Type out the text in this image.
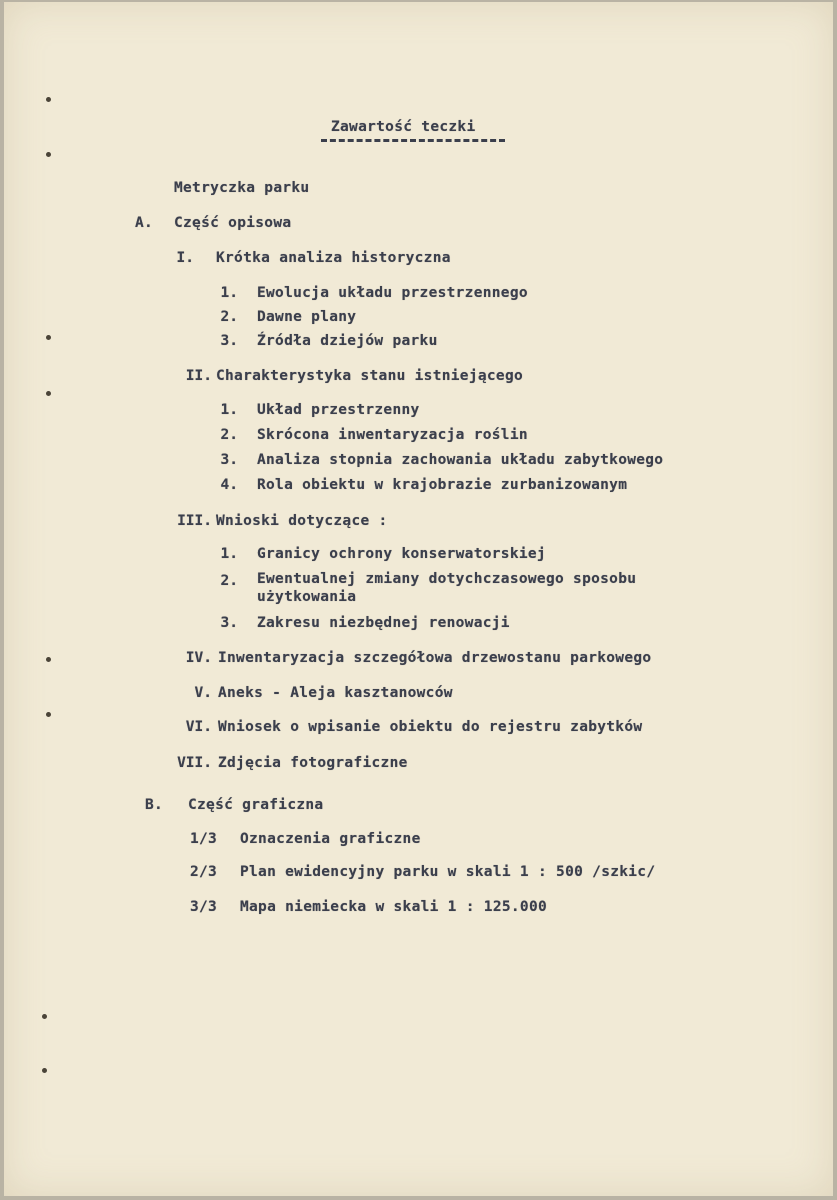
Zawartość teczki
Metryczka parku
A. Część opisowa
I. Krótka analiza historyczna
1. Ewolucja układu przestrzennego
2. Dawne plany
3. Źródła dziejów parku
II. Charakterystyka stanu istniejącego
1. Układ przestrzenny
2. Skrócona inwentaryzacja roślin
3. Analiza stopnia zachowania układu zabytkowego
4. Rola obiektu w krajobrazie zurbanizowanym
III. Wnioski dotyczące :
1. Granicy ochrony konserwatorskiej
2. Ewentualnej zmiany dotychczasowego sposobu
użytkowania
3. Zakresu niezbędnej renowacji
IV. Inwentaryzacja szczegółowa drzewostanu parkowego
V. Aneks - Aleja kasztanowców
VI. Wniosek o wpisanie obiektu do rejestru zabytków
VII. Zdjęcia fotograficzne
B. Część graficzna
1/3 Oznaczenia graficzne
2/3 Plan ewidencyjny parku w skali 1 : 500 /szkic/
3/3 Mapa niemiecka w skali 1 : 125.000
